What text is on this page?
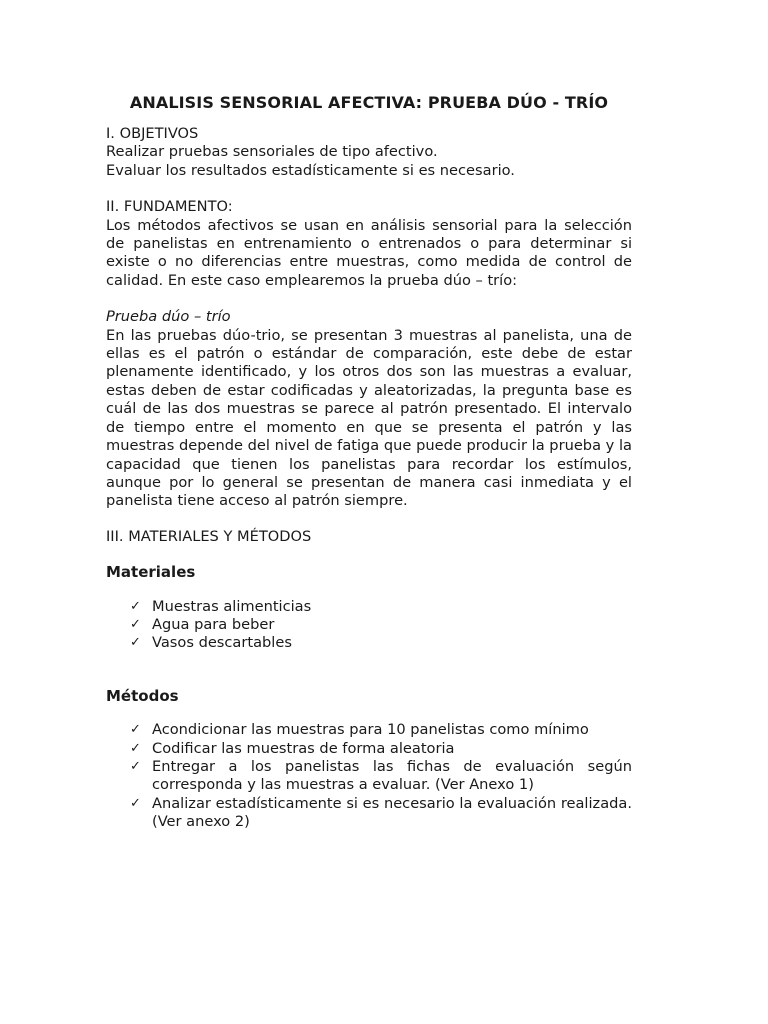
ANALISIS SENSORIAL AFECTIVA: PRUEBA DÚO - TRÍO

I. OBJETIVOS

Realizar pruebas sensoriales de tipo afectivo.

Evaluar los resultados estadísticamente si es necesario.

II. FUNDAMENTO:

Los métodos afectivos se usan en análisis sensorial para la selección de panelistas en entrenamiento o entrenados o para determinar si existe o no diferencias entre muestras, como medida de control de calidad. En este caso emplearemos la prueba dúo – trío:

Prueba dúo – trío

En las pruebas dúo-trio, se presentan 3 muestras al panelista, una de ellas es el patrón o estándar de comparación, este debe de estar plenamente identificado, y los otros dos son las muestras a evaluar, estas deben de estar codificadas y aleatorizadas, la pregunta base es cuál de las dos muestras se parece al patrón presentado. El intervalo de tiempo entre el momento en que se presenta el patrón y las muestras depende del nivel de fatiga que puede producir la prueba y la capacidad que tienen los panelistas para recordar los estímulos, aunque por lo general se presentan de manera casi inmediata y el panelista tiene acceso al patrón siempre.

III. MATERIALES Y MÉTODOS

Materiales

✓ Muestras alimenticias
✓ Agua para beber
✓ Vasos descartables

Métodos

✓ Acondicionar las muestras para 10 panelistas como mínimo
✓ Codificar las muestras de forma aleatoria
✓ Entregar a los panelistas las fichas de evaluación según corresponda y las muestras a evaluar. (Ver Anexo 1)
✓ Analizar estadísticamente si es necesario la evaluación realizada. (Ver anexo 2)
